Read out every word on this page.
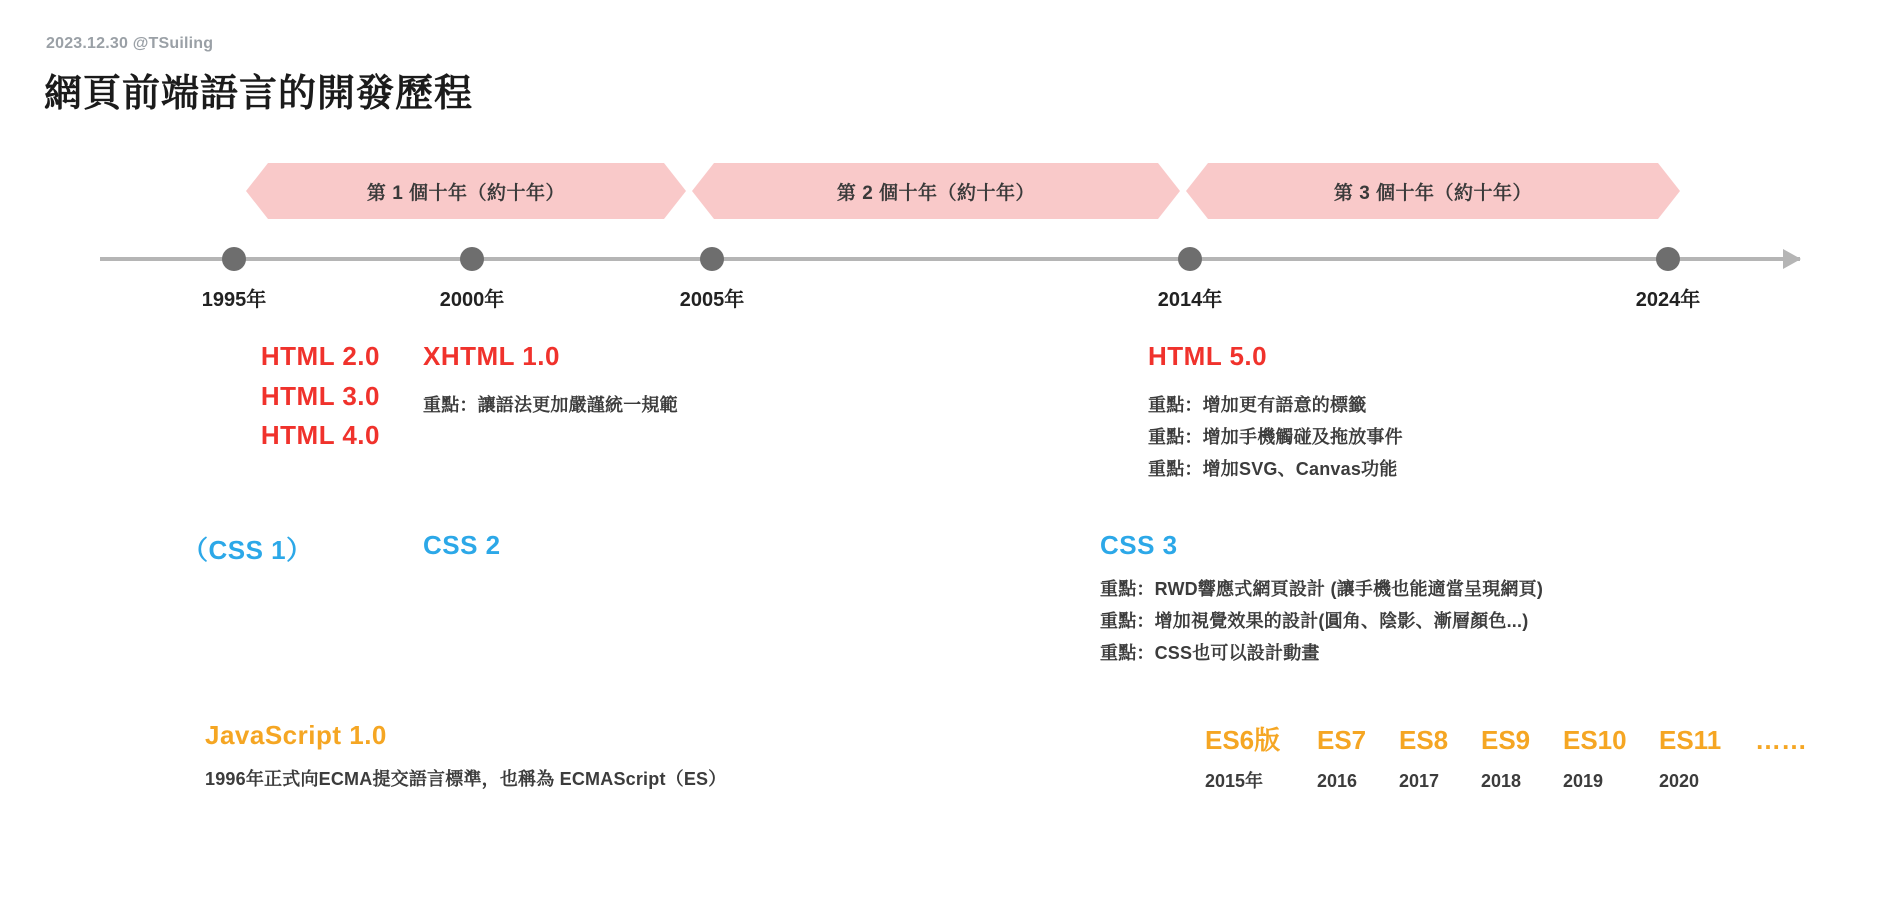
2023.12.30 @TSuiling
網頁前端語言的開發歷程
第 1 個十年（約十年）	第 2 個十年（約十年）	第 3 個十年（約十年）
1995年	2000年	2005年	2014年	2024年
HTML 2.0
HTML 3.0
HTML 4.0
XHTML 1.0
重點：讓語法更加嚴謹統一規範
HTML 5.0
重點：增加更有語意的標籤
重點：增加手機觸碰及拖放事件
重點：增加SVG、Canvas功能
（CSS 1）	CSS 2	CSS 3
重點：RWD響應式網頁設計 (讓手機也能適當呈現網頁)
重點：增加視覺效果的設計(圓角、陰影、漸層顏色...)
重點：CSS也可以設計動畫
JavaScript 1.0
1996年正式向ECMA提交語言標準，也稱為 ECMAScript（ES）
ES6版	ES7	ES8	ES9	ES10	ES11	……
2015年	2016	2017	2018	2019	2020
